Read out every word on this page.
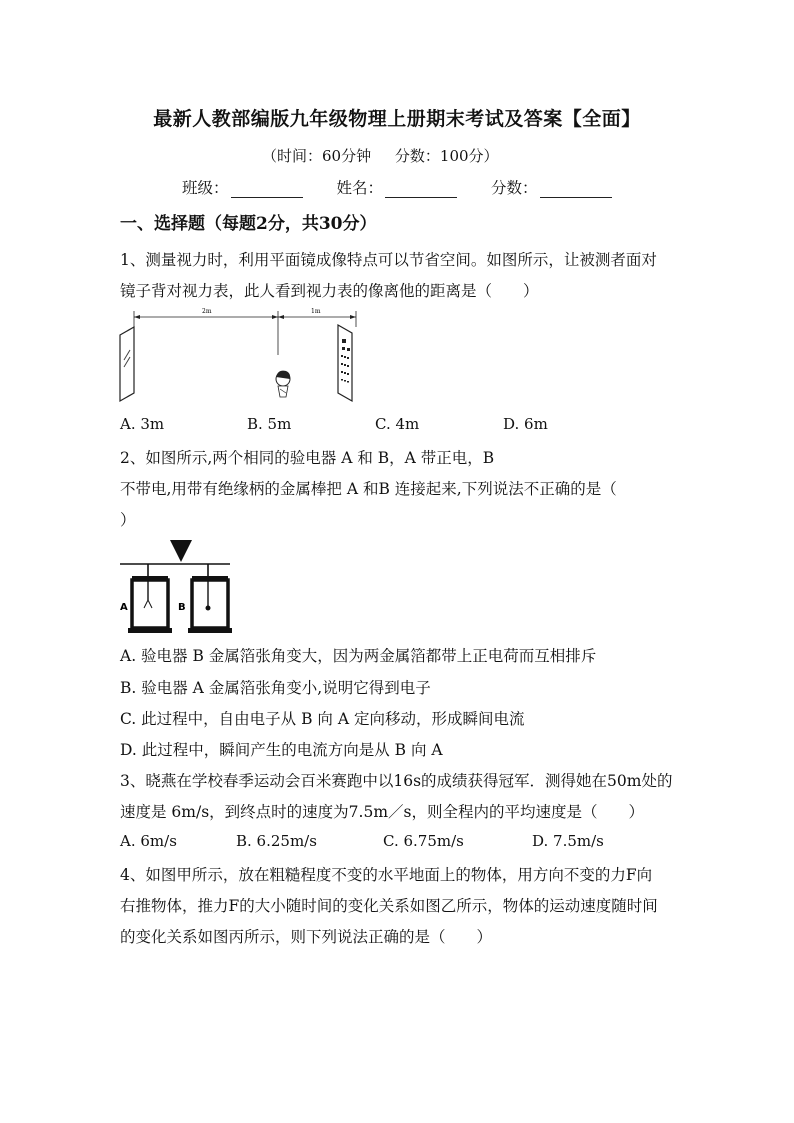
最新人教部编版九年级物理上册期末考试及答案【全面】
（时间：60分钟     分数：100分）
班级：	姓名：	分数：
一、选择题（每题2分，共30分）
1、测量视力时，利用平面镜成像特点可以节省空间。如图所示，让被测者面对
镜子背对视力表，此人看到视力表的像离他的距离是（　　）
2m	1m
A. 3m	B. 5m	C. 4m	D. 6m
2、如图所示,两个相同的验电器 A 和 B，A 带正电，B
不带电,用带有绝缘柄的金属棒把 A 和B 连接起来,下列说法不正确的是（
）
A	B
A. 验电器 B 金属箔张角变大，因为两金属箔都带上正电荷而互相排斥
B. 验电器 A 金属箔张角变小,说明它得到电子
C. 此过程中，自由电子从 B 向 A 定向移动，形成瞬间电流
D. 此过程中，瞬间产生的电流方向是从 B 向 A
3、晓燕在学校春季运动会百米赛跑中以16s的成绩获得冠军．测得她在50m处的
速度是 6m/s，到终点时的速度为7.5m／s，则全程内的平均速度是（　　）
A. 6m/s	B. 6.25m/s	C. 6.75m/s	D. 7.5m/s
4、如图甲所示，放在粗糙程度不变的水平地面上的物体，用方向不变的力F向
右推物体，推力F的大小随时间的变化关系如图乙所示，物体的运动速度随时间
的变化关系如图丙所示，则下列说法正确的是（　　）
